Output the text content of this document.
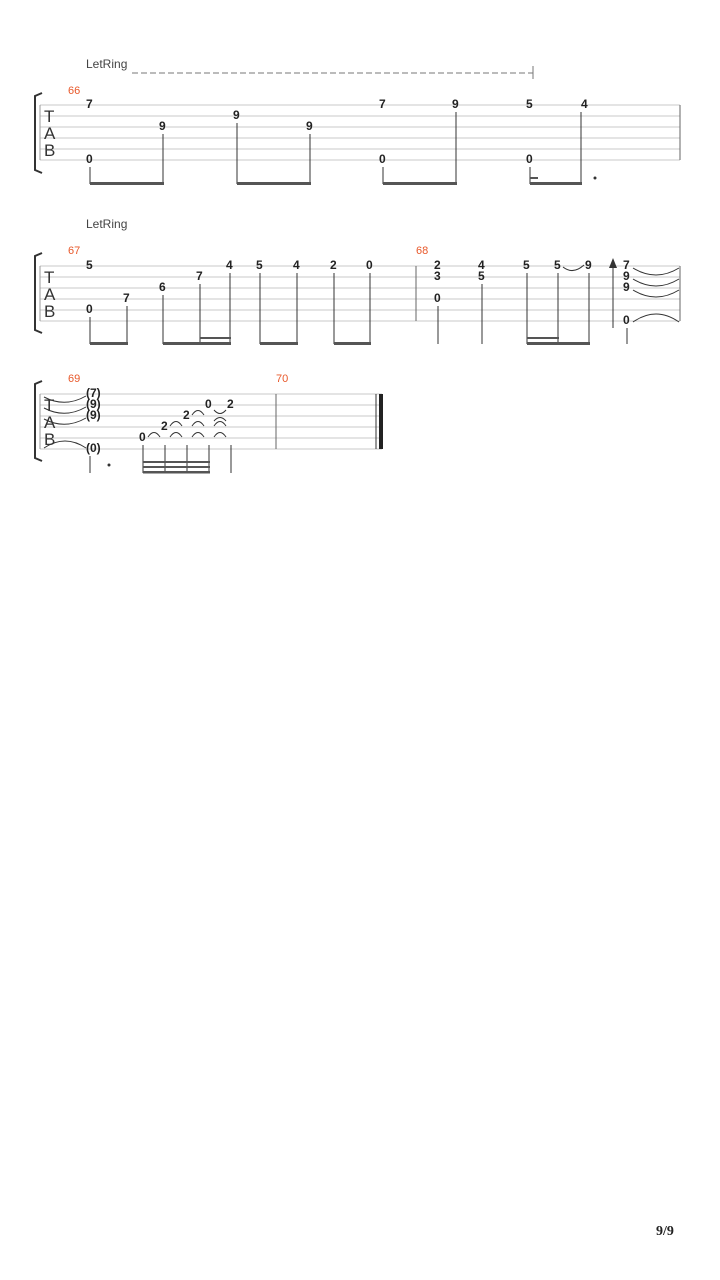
LetRing
T
A
B
66
7
0
9
9
9
7
0
9	5
0
4
LetRing
T
A
B
67	68
5
0
7
6
7
4 5	4	2 0	2
3
0
4
5
5 5 9	7
9
9
0
T
A
B
69	70
(7)
(9)
(9)
(0)
0
2
2
0 2
9/9
